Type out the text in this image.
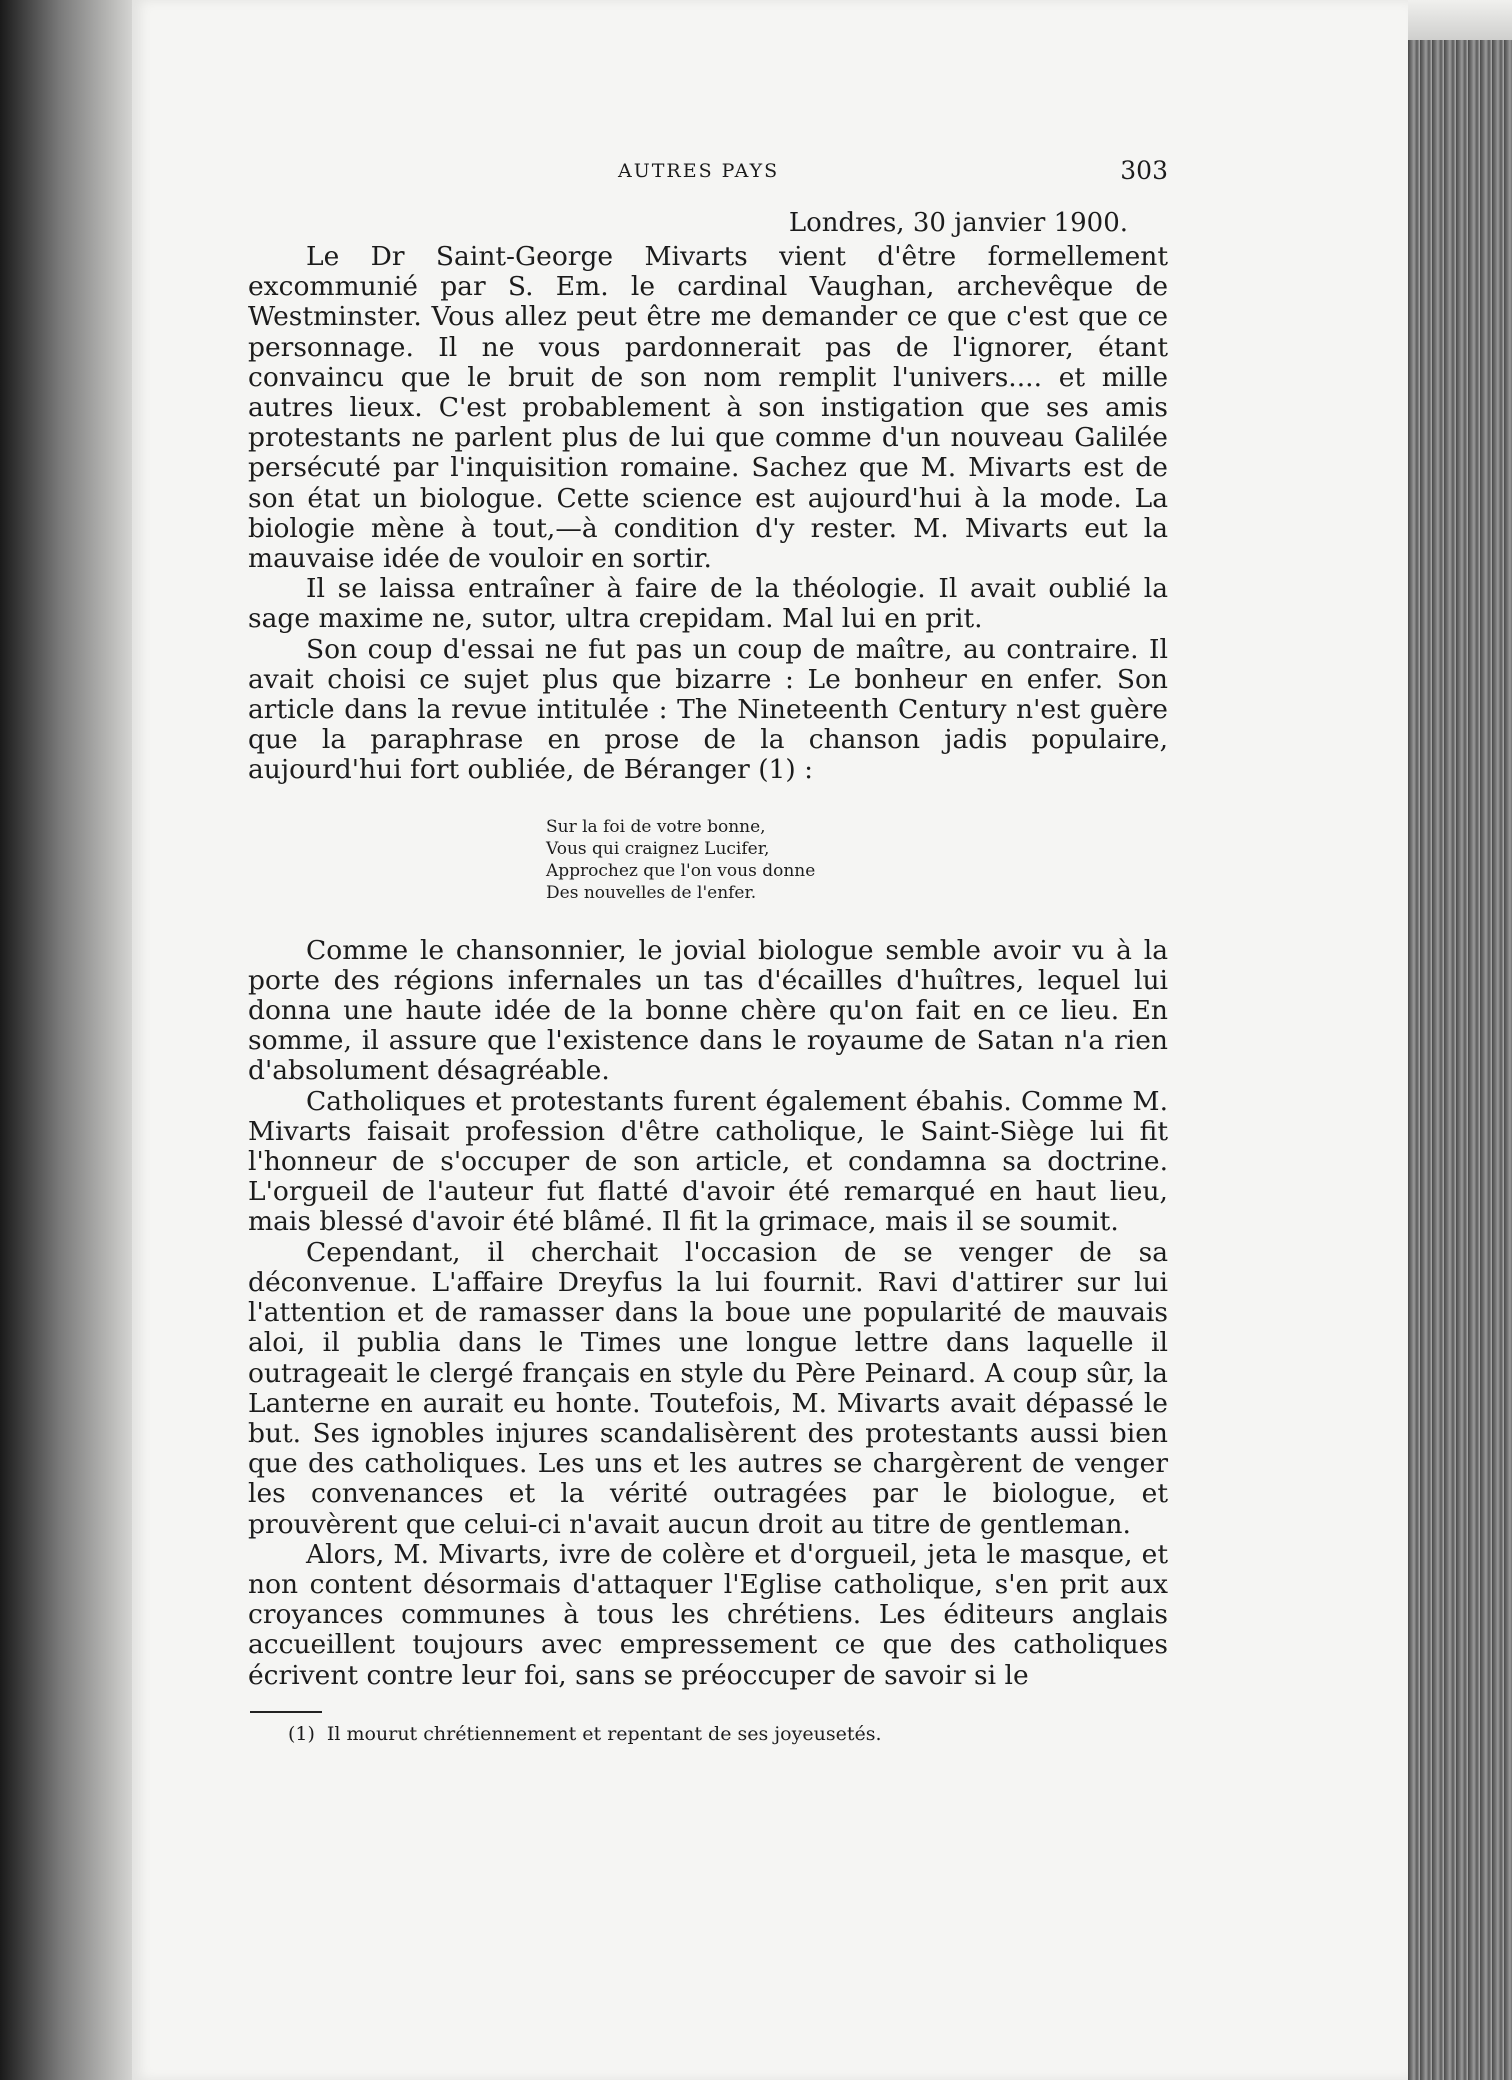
AUTRES PAYS	303
Londres, 30 janvier 1900.

Le Dr Saint-George Mivarts vient d'être formellement excommunié par S. Em. le cardinal Vaughan, archevêque de Westminster. Vous allez peut être me demander ce que c'est que ce personnage. Il ne vous pardonnerait pas de l'ignorer, étant convaincu que le bruit de son nom remplit l'univers.... et mille autres lieux. C'est probablement à son instigation que ses amis protestants ne parlent plus de lui que comme d'un nouveau Galilée persécuté par l'inquisition romaine. Sachez que M. Mivarts est de son état un biologue. Cette science est aujourd'hui à la mode. La biologie mène à tout,—à condition d'y rester. M. Mivarts eut la mauvaise idée de vouloir en sortir.

Il se laissa entraîner à faire de la théologie. Il avait oublié la sage maxime ne, sutor, ultra crepidam. Mal lui en prit.

Son coup d'essai ne fut pas un coup de maître, au contraire. Il avait choisi ce sujet plus que bizarre : Le bonheur en enfer. Son article dans la revue intitulée : The Nineteenth Century n'est guère que la paraphrase en prose de la chanson jadis populaire, aujourd'hui fort oubliée, de Béranger (1) :

Sur la foi de votre bonne,
Vous qui craignez Lucifer,
Approchez que l'on vous donne
Des nouvelles de l'enfer.

Comme le chansonnier, le jovial biologue semble avoir vu à la porte des régions infernales un tas d'écailles d'huîtres, lequel lui donna une haute idée de la bonne chère qu'on fait en ce lieu. En somme, il assure que l'existence dans le royaume de Satan n'a rien d'absolument désagréable.

Catholiques et protestants furent également ébahis. Comme M. Mivarts faisait profession d'être catholique, le Saint-Siège lui fit l'honneur de s'occuper de son article, et condamna sa doctrine. L'orgueil de l'auteur fut flatté d'avoir été remarqué en haut lieu, mais blessé d'avoir été blâmé. Il fit la grimace, mais il se soumit.

Cependant, il cherchait l'occasion de se venger de sa déconvenue. L'affaire Dreyfus la lui fournit. Ravi d'attirer sur lui l'attention et de ramasser dans la boue une popularité de mauvais aloi, il publia dans le Times une longue lettre dans laquelle il outrageait le clergé français en style du Père Peinard. A coup sûr, la Lanterne en aurait eu honte. Toutefois, M. Mivarts avait dépassé le but. Ses ignobles injures scandalisèrent des protestants aussi bien que des catholiques. Les uns et les autres se chargèrent de venger les convenances et la vérité outragées par le biologue, et prouvèrent que celui-ci n'avait aucun droit au titre de gentleman.

Alors, M. Mivarts, ivre de colère et d'orgueil, jeta le masque, et non content désormais d'attaquer l'Eglise catholique, s'en prit aux croyances communes à tous les chrétiens. Les éditeurs anglais accueillent toujours avec empressement ce que des catholiques écrivent contre leur foi, sans se préoccuper de savoir si le

(1) Il mourut chrétiennement et repentant de ses joyeusetés.
